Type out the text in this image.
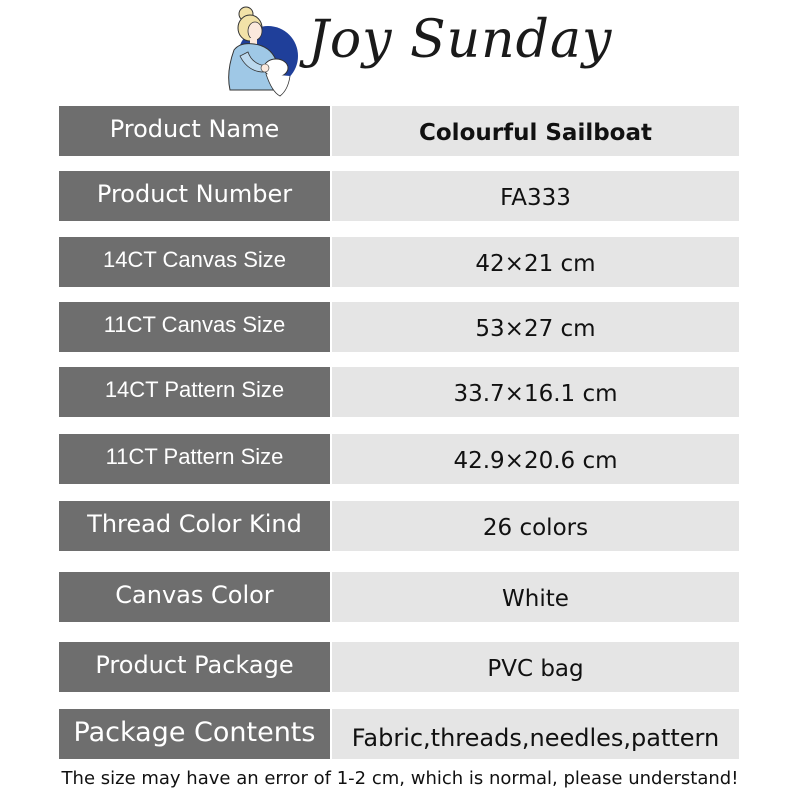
Joy Sunday
Product Name	Colourful Sailboat
Product Number	FA333
14CT Canvas Size	42×21 cm
11CT Canvas Size	53×27 cm
14CT Pattern Size	33.7×16.1 cm
11CT Pattern Size	42.9×20.6 cm
Thread Color Kind	26 colors
Canvas Color	White
Product Package	PVC bag
Package Contents	Fabric,threads,needles,pattern
The size may have an error of 1-2 cm, which is normal, please understand!
